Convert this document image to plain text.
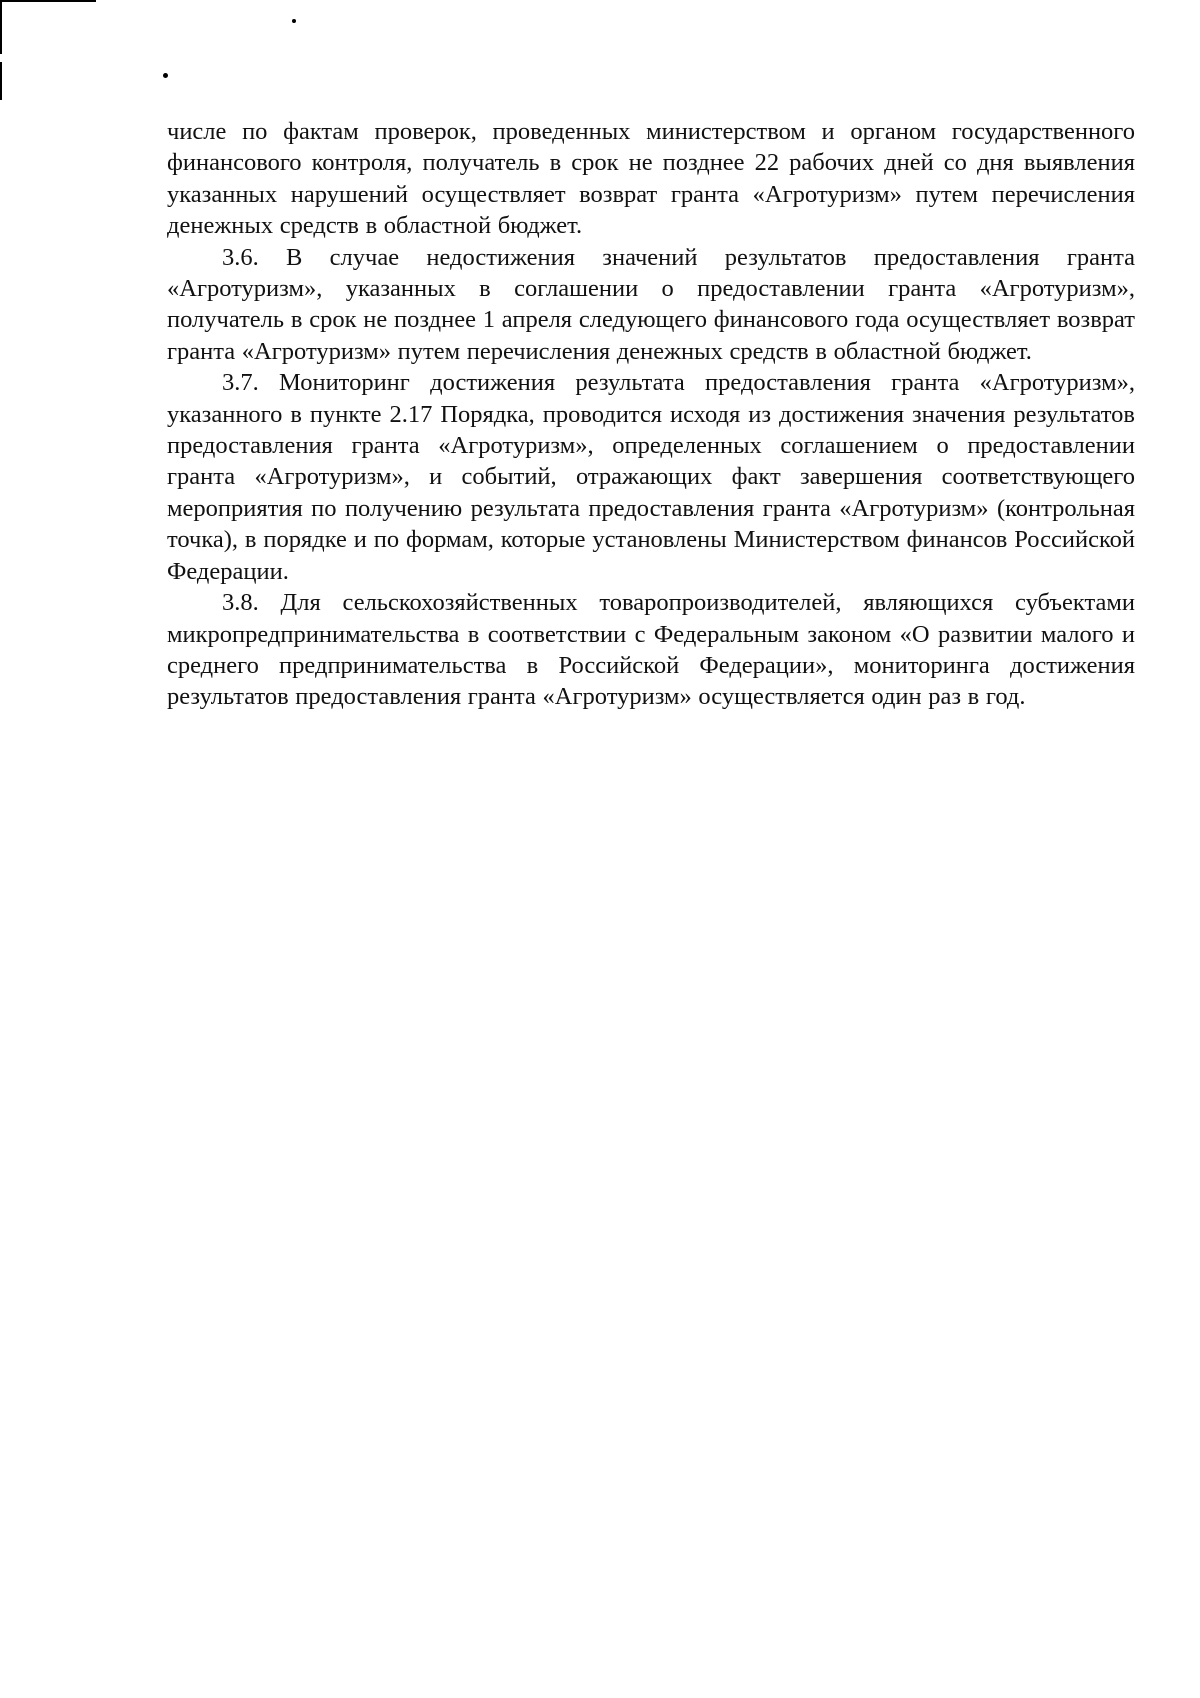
числе по фактам проверок, проведенных министерством и органом государственного финансового контроля, получатель в срок не позднее 22 рабочих дней со дня выявления указанных нарушений осуществляет возврат гранта «Агротуризм» путем перечисления денежных средств в областной бюджет.

3.6. В случае недостижения значений результатов предоставления гранта «Агротуризм», указанных в соглашении о предоставлении гранта «Агротуризм», получатель в срок не позднее 1 апреля следующего финансового года осуществляет возврат гранта «Агротуризм» путем перечисления денежных средств в областной бюджет.

3.7. Мониторинг достижения результата предоставления гранта «Агротуризм», указанного в пункте 2.17 Порядка, проводится исходя из достижения значения результатов предоставления гранта «Агротуризм», определенных соглашением о предоставлении гранта «Агротуризм», и событий, отражающих факт завершения соответствующего мероприятия по получению результата предоставления гранта «Агротуризм» (контрольная точка), в порядке и по формам, которые установлены Министерством финансов Российской Федерации.

3.8. Для сельскохозяйственных товаропроизводителей, являющихся субъектами микропредпринимательства в соответствии с Федеральным законом «О развитии малого и среднего предпринимательства в Российской Федерации», мониторинга достижения результатов предоставления гранта «Агротуризм» осуществляется один раз в год.
